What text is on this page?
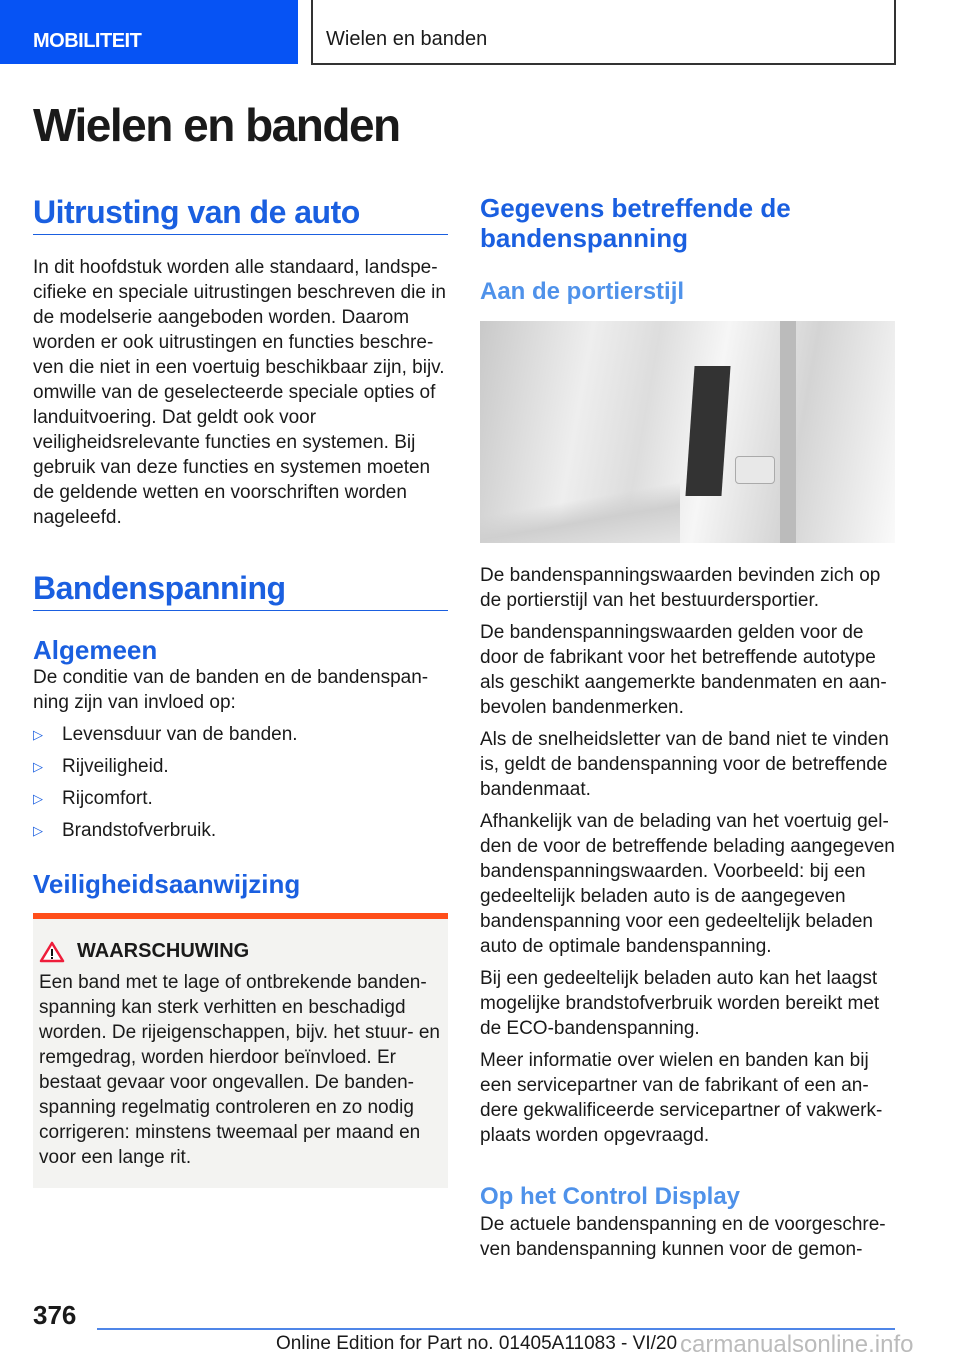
MOBILITEIT	Wielen en banden
Wielen en banden
Uitrusting van de auto

In dit hoofdstuk worden alle standaard, landspecifieke en speciale uitrustingen beschreven die in de modelserie aangeboden worden. Daarom worden er ook uitrustingen en functies beschreven die niet in een voertuig beschikbaar zijn, bijv. omwille van de geselecteerde speciale opties of landuitvoering. Dat geldt ook voor veiligheidsrelevante functies en systemen. Bij gebruik van deze functies en systemen moeten de geldende wetten en voorschriften worden nageleefd.

Bandenspanning
Algemeen

De conditie van de banden en de bandenspanning zijn van invloed op:

▷ Levensduur van de banden.
▷ Rijveiligheid.
▷ Rijcomfort.
▷ Brandstofverbruik.
Veiligheidsaanwijzing
WAARSCHUWING

Een band met te lage of ontbrekende bandenspanning kan sterk verhitten en beschadigd worden. De rijeigenschappen, bijv. het stuur- en remgedrag, worden hierdoor beïnvloed. Er bestaat gevaar voor ongevallen. De bandenspanning regelmatig controleren en zo nodig corrigeren: minstens tweemaal per maand en voor een lange rit.

Gegevens betreffende de bandenspanning
Aan de portierstijl

De bandenspanningswaarden bevinden zich op de portierstijl van het bestuurdersportier.

De bandenspanningswaarden gelden voor de door de fabrikant voor het betreffende autotype als geschikt aangemerkte bandenmaten en aanbevolen bandenmerken.

Als de snelheidsletter van de band niet te vinden is, geldt de bandenspanning voor de betreffende bandenmaat.

Afhankelijk van de belading van het voertuig gelden de voor de betreffende belading aangegeven bandenspanningswaarden. Voorbeeld: bij een gedeeltelijk beladen auto is de aangegeven bandenspanning voor een gedeeltelijk beladen auto de optimale bandenspanning.

Bij een gedeeltelijk beladen auto kan het laagst mogelijke brandstofverbruik worden bereikt met de ECO-bandenspanning.

Meer informatie over wielen en banden kan bij een servicepartner van de fabrikant of een andere gekwalificeerde servicepartner of vakwerkplaats worden opgevraagd.

Op het Control Display

De actuele bandenspanning en de voorgeschreven bandenspanning kunnen voor de gemon-

376
Online Edition for Part no. 01405A11083 - VI/20 carmanualsonline.info
